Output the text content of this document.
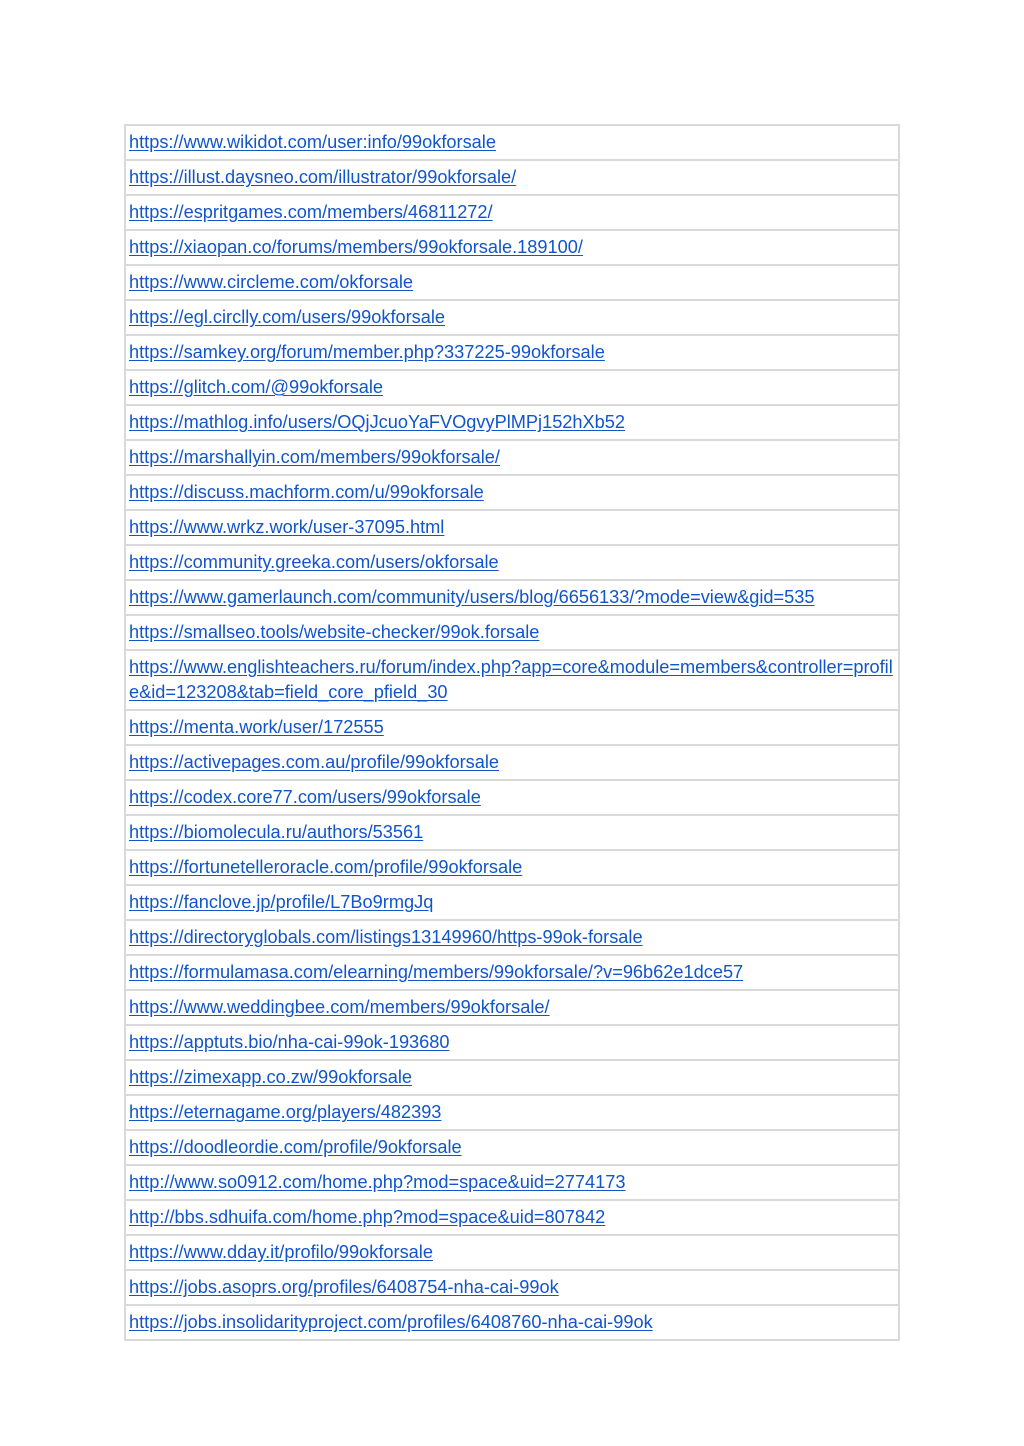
https://www.wikidot.com/user:info/99okforsale
https://illust.daysneo.com/illustrator/99okforsale/
https://espritgames.com/members/46811272/
https://xiaopan.co/forums/members/99okforsale.189100/
https://www.circleme.com/okforsale
https://egl.circlly.com/users/99okforsale
https://samkey.org/forum/member.php?337225-99okforsale
https://glitch.com/@99okforsale
https://mathlog.info/users/OQjJcuoYaFVOgvyPlMPj152hXb52
https://marshallyin.com/members/99okforsale/
https://discuss.machform.com/u/99okforsale
https://www.wrkz.work/user-37095.html
https://community.greeka.com/users/okforsale
https://www.gamerlaunch.com/community/users/blog/6656133/?mode=view&gid=535
https://smallseo.tools/website-checker/99ok.forsale
https://www.englishteachers.ru/forum/index.php?app=core&module=members&controller=profile&id=123208&tab=field_core_pfield_30
https://menta.work/user/172555
https://activepages.com.au/profile/99okforsale
https://codex.core77.com/users/99okforsale
https://biomolecula.ru/authors/53561
https://fortunetelleroracle.com/profile/99okforsale
https://fanclove.jp/profile/L7Bo9rmgJq
https://directoryglobals.com/listings13149960/https-99ok-forsale
https://formulamasa.com/elearning/members/99okforsale/?v=96b62e1dce57
https://www.weddingbee.com/members/99okforsale/
https://apptuts.bio/nha-cai-99ok-193680
https://zimexapp.co.zw/99okforsale
https://eternagame.org/players/482393
https://doodleordie.com/profile/9okforsale
http://www.so0912.com/home.php?mod=space&uid=2774173
http://bbs.sdhuifa.com/home.php?mod=space&uid=807842
https://www.dday.it/profilo/99okforsale
https://jobs.asoprs.org/profiles/6408754-nha-cai-99ok
https://jobs.insolidarityproject.com/profiles/6408760-nha-cai-99ok
